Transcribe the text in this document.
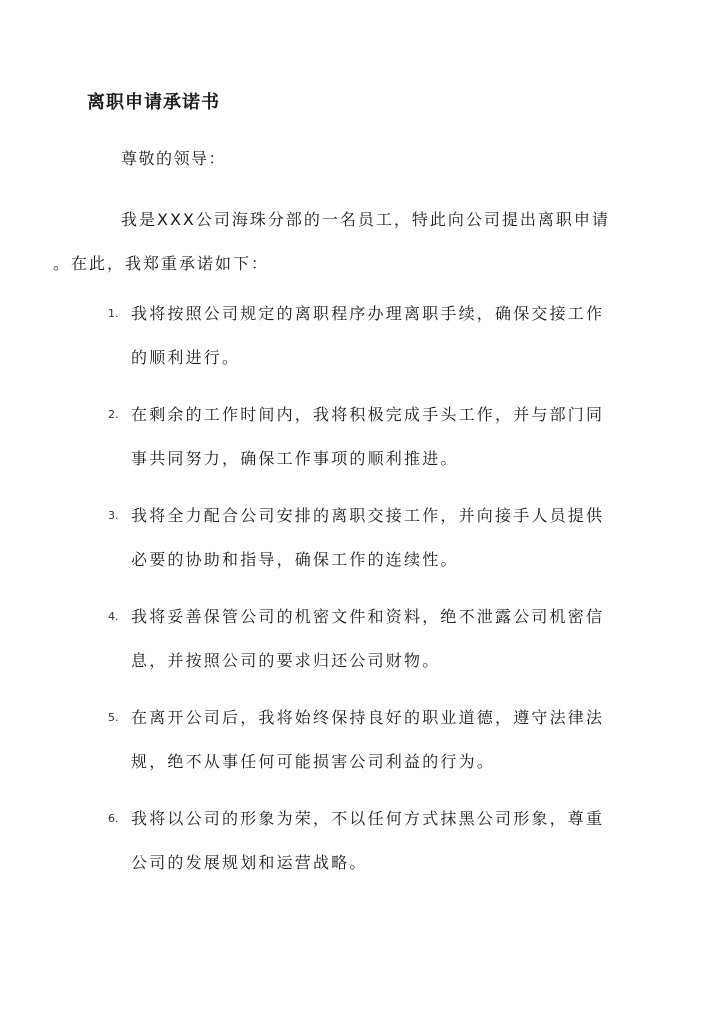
离职申请承诺书
尊敬的领导：
我是XXX公司海珠分部的一名员工，特此向公司提出离职申请
。在此，我郑重承诺如下：
1. 我将按照公司规定的离职程序办理离职手续，确保交接工作
的顺利进行。
2. 在剩余的工作时间内，我将积极完成手头工作，并与部门同
事共同努力，确保工作事项的顺利推进。
3. 我将全力配合公司安排的离职交接工作，并向接手人员提供
必要的协助和指导，确保工作的连续性。
4. 我将妥善保管公司的机密文件和资料，绝不泄露公司机密信
息，并按照公司的要求归还公司财物。
5. 在离开公司后，我将始终保持良好的职业道德，遵守法律法
规，绝不从事任何可能损害公司利益的行为。
6. 我将以公司的形象为荣，不以任何方式抹黑公司形象，尊重
公司的发展规划和运营战略。
